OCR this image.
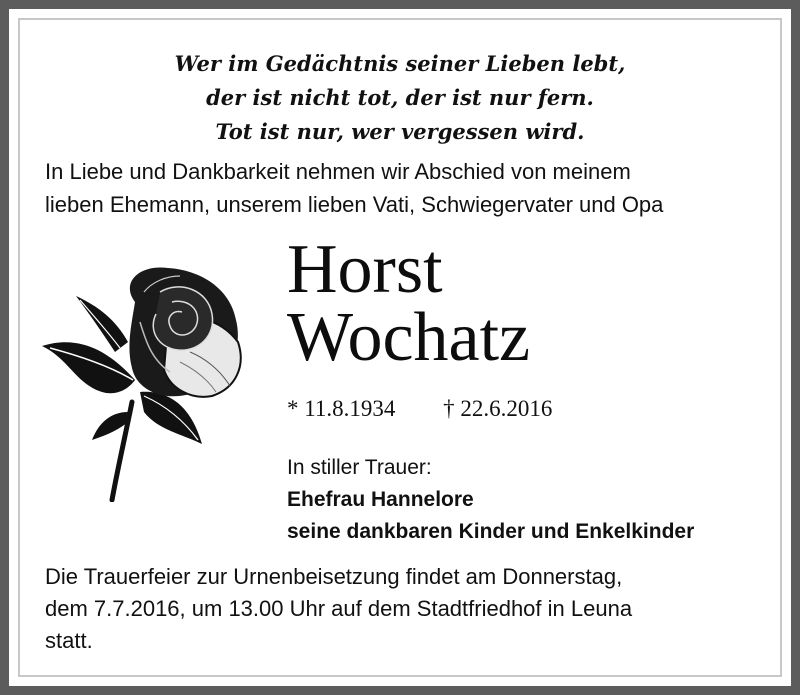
Wer im Gedächtnis seiner Lieben lebt,
der ist nicht tot, der ist nur fern.
Tot ist nur, wer vergessen wird.
In Liebe und Dankbarkeit nehmen wir Abschied von meinem
lieben Ehemann, unserem lieben Vati, Schwiegervater und Opa
Horst
Wochatz
* 11.8.1934 † 22.6.2016
In stiller Trauer:
Ehefrau Hannelore
seine dankbaren Kinder und Enkelkinder
Die Trauerfeier zur Urnenbeisetzung findet am Donnerstag,
dem 7.7.2016, um 13.00 Uhr auf dem Stadtfriedhof in Leuna
statt.
